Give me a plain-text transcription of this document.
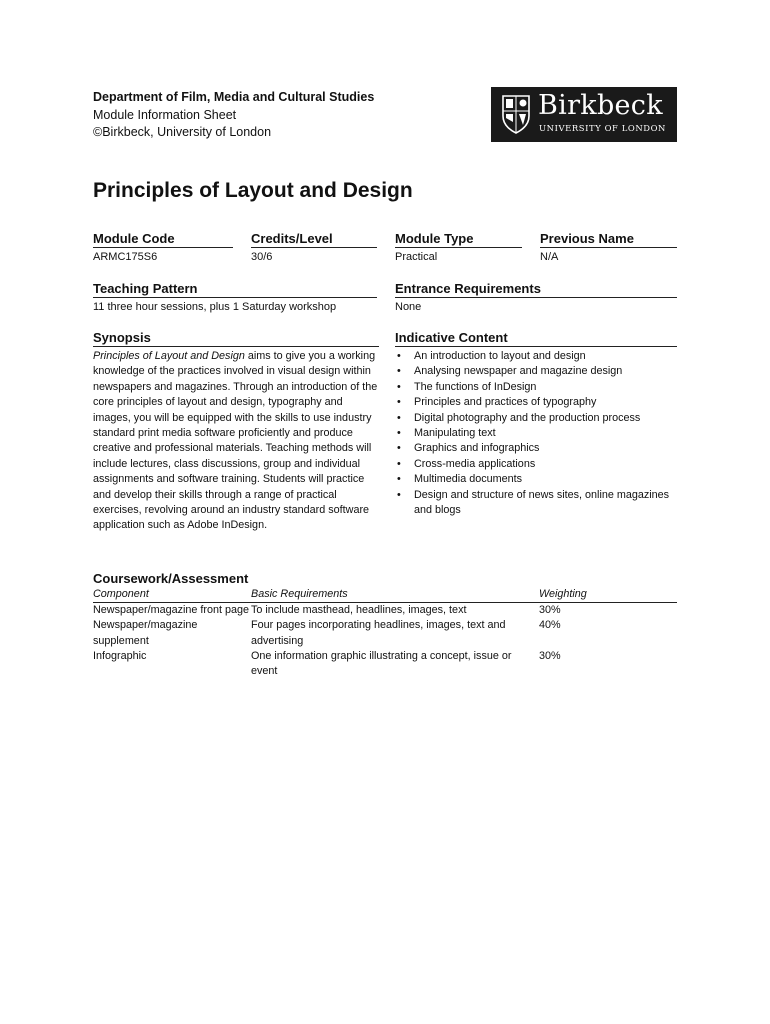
Department of Film, Media and Cultural Studies
Module Information Sheet
©Birkbeck, University of London
Birkbeck
UNIVERSITY OF LONDON
Principles of Layout and Design
Module Code
ARMC175S6
Credits/Level
30/6
Module Type
Practical
Previous Name
N/A
Teaching Pattern
11 three hour sessions, plus 1 Saturday workshop
Entrance Requirements
None
Synopsis
Principles of Layout and Design aims to give you a working knowledge of the practices involved in visual design within newspapers and magazines. Through an introduction of the core principles of layout and design, typography and images, you will be equipped with the skills to use industry standard print media software proficiently and produce creative and professional materials. Teaching methods will include lectures, class discussions, group and individual assignments and software training. Students will practice and develop their skills through a range of practical exercises, revolving around an industry standard software application such as Adobe InDesign.
Indicative Content
• An introduction to layout and design
• Analysing newspaper and magazine design
• The functions of InDesign
• Principles and practices of typography
• Digital photography and the production process
• Manipulating text
• Graphics and infographics
• Cross-media applications
• Multimedia documents
• Design and structure of news sites, online magazines and blogs
Coursework/Assessment
Component	Basic Requirements	Weighting
Newspaper/magazine front page	To include masthead, headlines, images, text	30%
Newspaper/magazine supplement	Four pages incorporating headlines, images, text and advertising	40%
Infographic	One information graphic illustrating a concept, issue or event	30%
